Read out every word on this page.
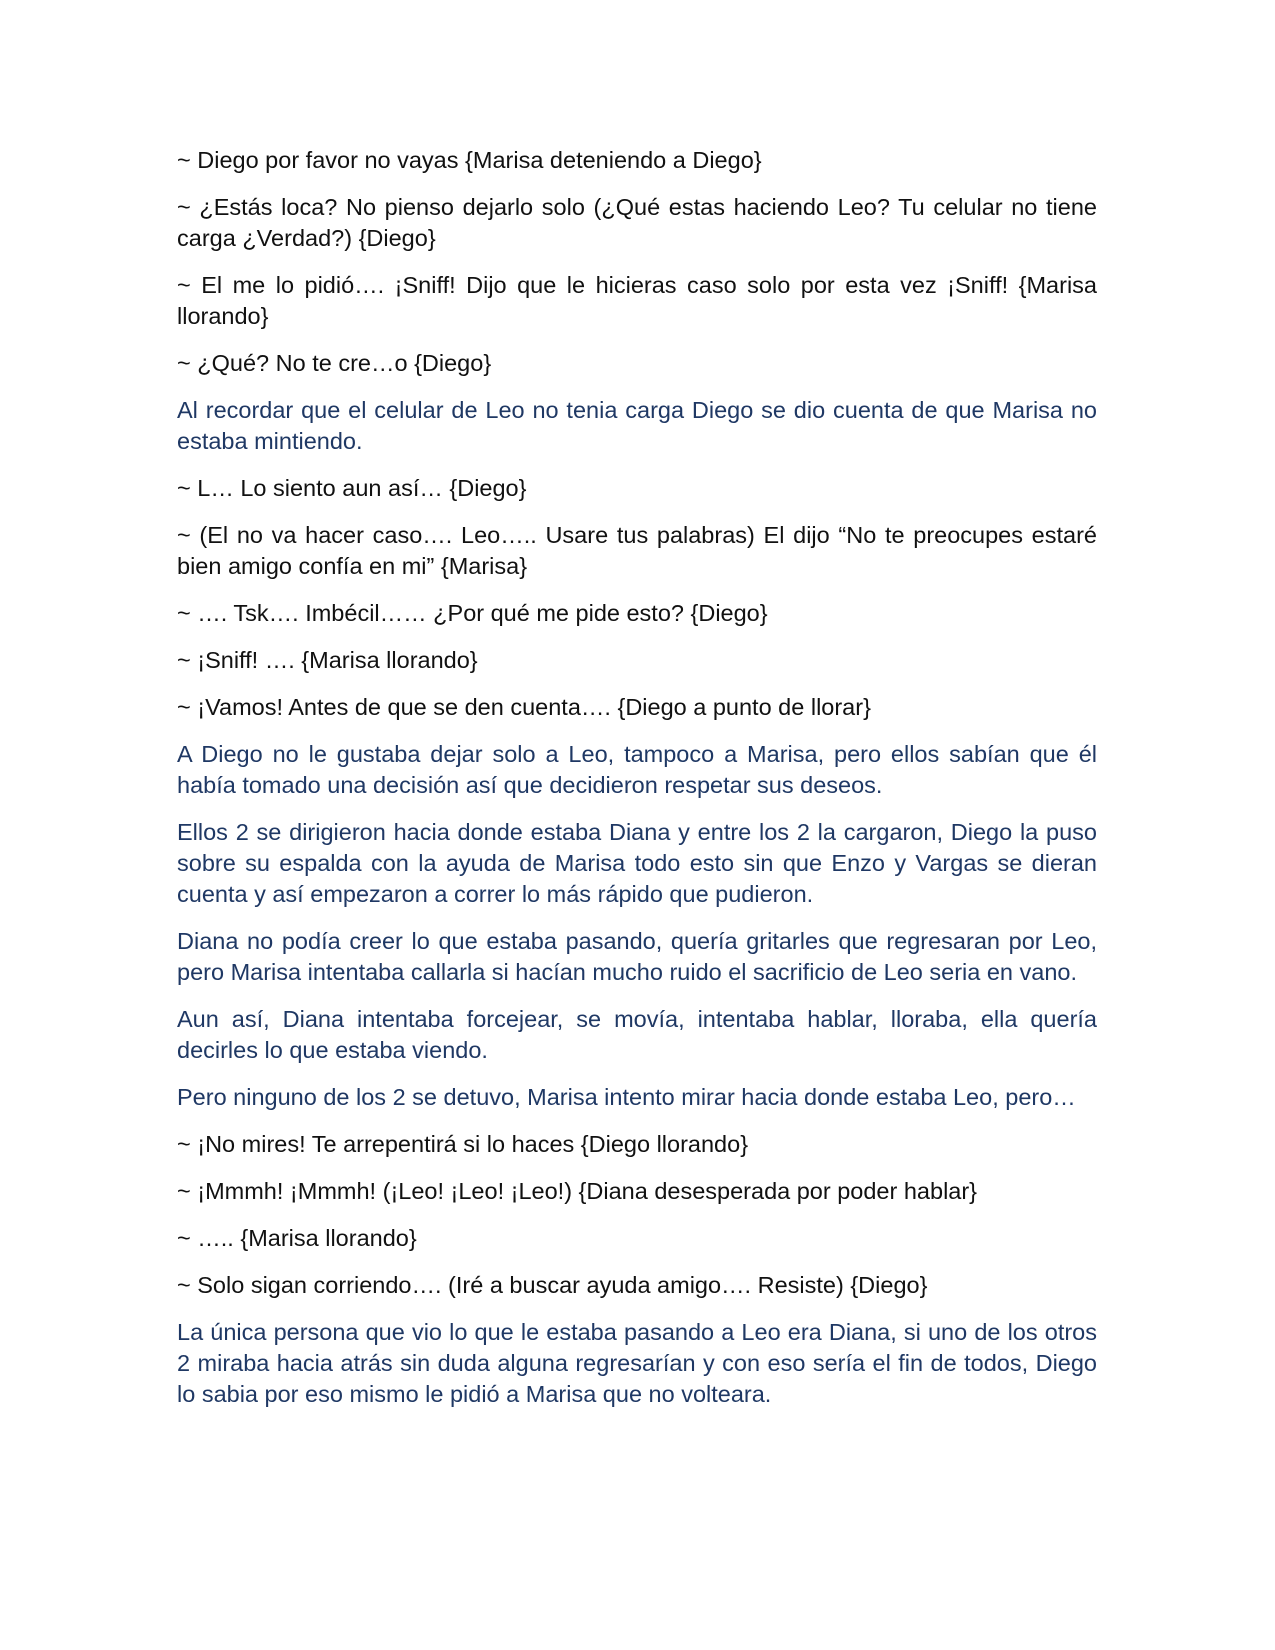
~ Diego por favor no vayas {Marisa deteniendo a Diego}

~ ¿Estás loca? No pienso dejarlo solo (¿Qué estas haciendo Leo? Tu celular no tiene carga ¿Verdad?) {Diego}

~ El me lo pidió…. ¡Sniff! Dijo que le hicieras caso solo por esta vez ¡Sniff! {Marisa llorando}

~ ¿Qué? No te cre…o {Diego}

Al recordar que el celular de Leo no tenia carga Diego se dio cuenta de que Marisa no estaba mintiendo.

~ L… Lo siento aun así… {Diego}

~ (El no va hacer caso…. Leo….. Usare tus palabras) El dijo “No te preocupes estaré bien amigo confía en mi” {Marisa}

~ …. Tsk…. Imbécil…… ¿Por qué me pide esto? {Diego}

~ ¡Sniff! …. {Marisa llorando}

~ ¡Vamos! Antes de que se den cuenta…. {Diego a punto de llorar}

A Diego no le gustaba dejar solo a Leo, tampoco a Marisa, pero ellos sabían que él había tomado una decisión así que decidieron respetar sus deseos.

Ellos 2 se dirigieron hacia donde estaba Diana y entre los 2 la cargaron, Diego la puso sobre su espalda con la ayuda de Marisa todo esto sin que Enzo y Vargas se dieran cuenta y así empezaron a correr lo más rápido que pudieron.

Diana no podía creer lo que estaba pasando, quería gritarles que regresaran por Leo, pero Marisa intentaba callarla si hacían mucho ruido el sacrificio de Leo seria en vano.

Aun así, Diana intentaba forcejear, se movía, intentaba hablar, lloraba, ella quería decirles lo que estaba viendo.

Pero ninguno de los 2 se detuvo, Marisa intento mirar hacia donde estaba Leo, pero…

~ ¡No mires! Te arrepentirá si lo haces {Diego llorando}

~ ¡Mmmh! ¡Mmmh! (¡Leo! ¡Leo! ¡Leo!) {Diana desesperada por poder hablar}

~ ….. {Marisa llorando}

~ Solo sigan corriendo…. (Iré a buscar ayuda amigo…. Resiste) {Diego}

La única persona que vio lo que le estaba pasando a Leo era Diana, si uno de los otros 2 miraba hacia atrás sin duda alguna regresarían y con eso sería el fin de todos, Diego lo sabia por eso mismo le pidió a Marisa que no volteara.
